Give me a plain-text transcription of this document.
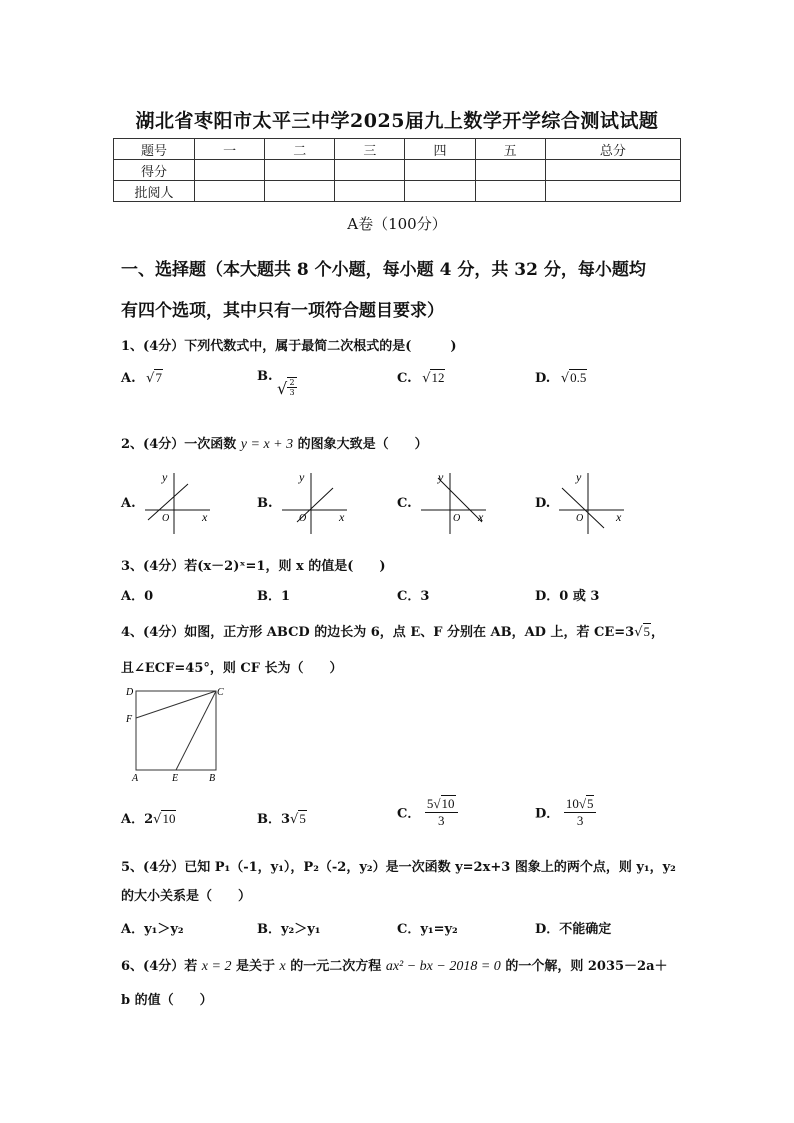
湖北省枣阳市太平三中学2025届九上数学开学综合测试试题
题号	一	二	三	四	五	总分
得分						
批阅人						
A卷（100分）
一、选择题（本大题共 8 个小题，每小题 4 分，共 32 分，每小题均
有四个选项，其中只有一项符合题目要求）
1、(4分）下列代数式中，属于最简二次根式的是(　　　)
A. √7	B.
√ $\frac{2}{3}$	C. √12	D. √0.5
2、(4分）一次函数 y = x + 3 的图象大致是（　　）
A.	B.	C.	D.
y
x
O
y
x
O
y
x
O
y
x
O
3、(4分）若(x－2)ˣ=1，则 x 的值是(　　)
A．0	B．1	C．3	D．0 或 3
4、(4分）如图，正方形 ABCD 的边长为 6，点 E、F 分别在 AB，AD 上，若 CE=3√5，
且∠ECF=45°，则 CF 长为（　　）
D	C
F
A	E	B
A．2√10	B．3√5	C． $\frac{5√10}{3}$	D． $\frac{10√5}{3}$
5、(4分）已知 P₁（-1，y₁），P₂（-2，y₂）是一次函数 y=2x+3 图象上的两个点，则 y₁，y₂
的大小关系是（　　）
A．y₁＞y₂	B．y₂＞y₁	C．y₁=y₂	D．不能确定
6、(4分）若 x = 2 是关于 x 的一元二次方程 ax² − bx − 2018 = 0 的一个解，则 2035－2a＋
b 的值（　　）
